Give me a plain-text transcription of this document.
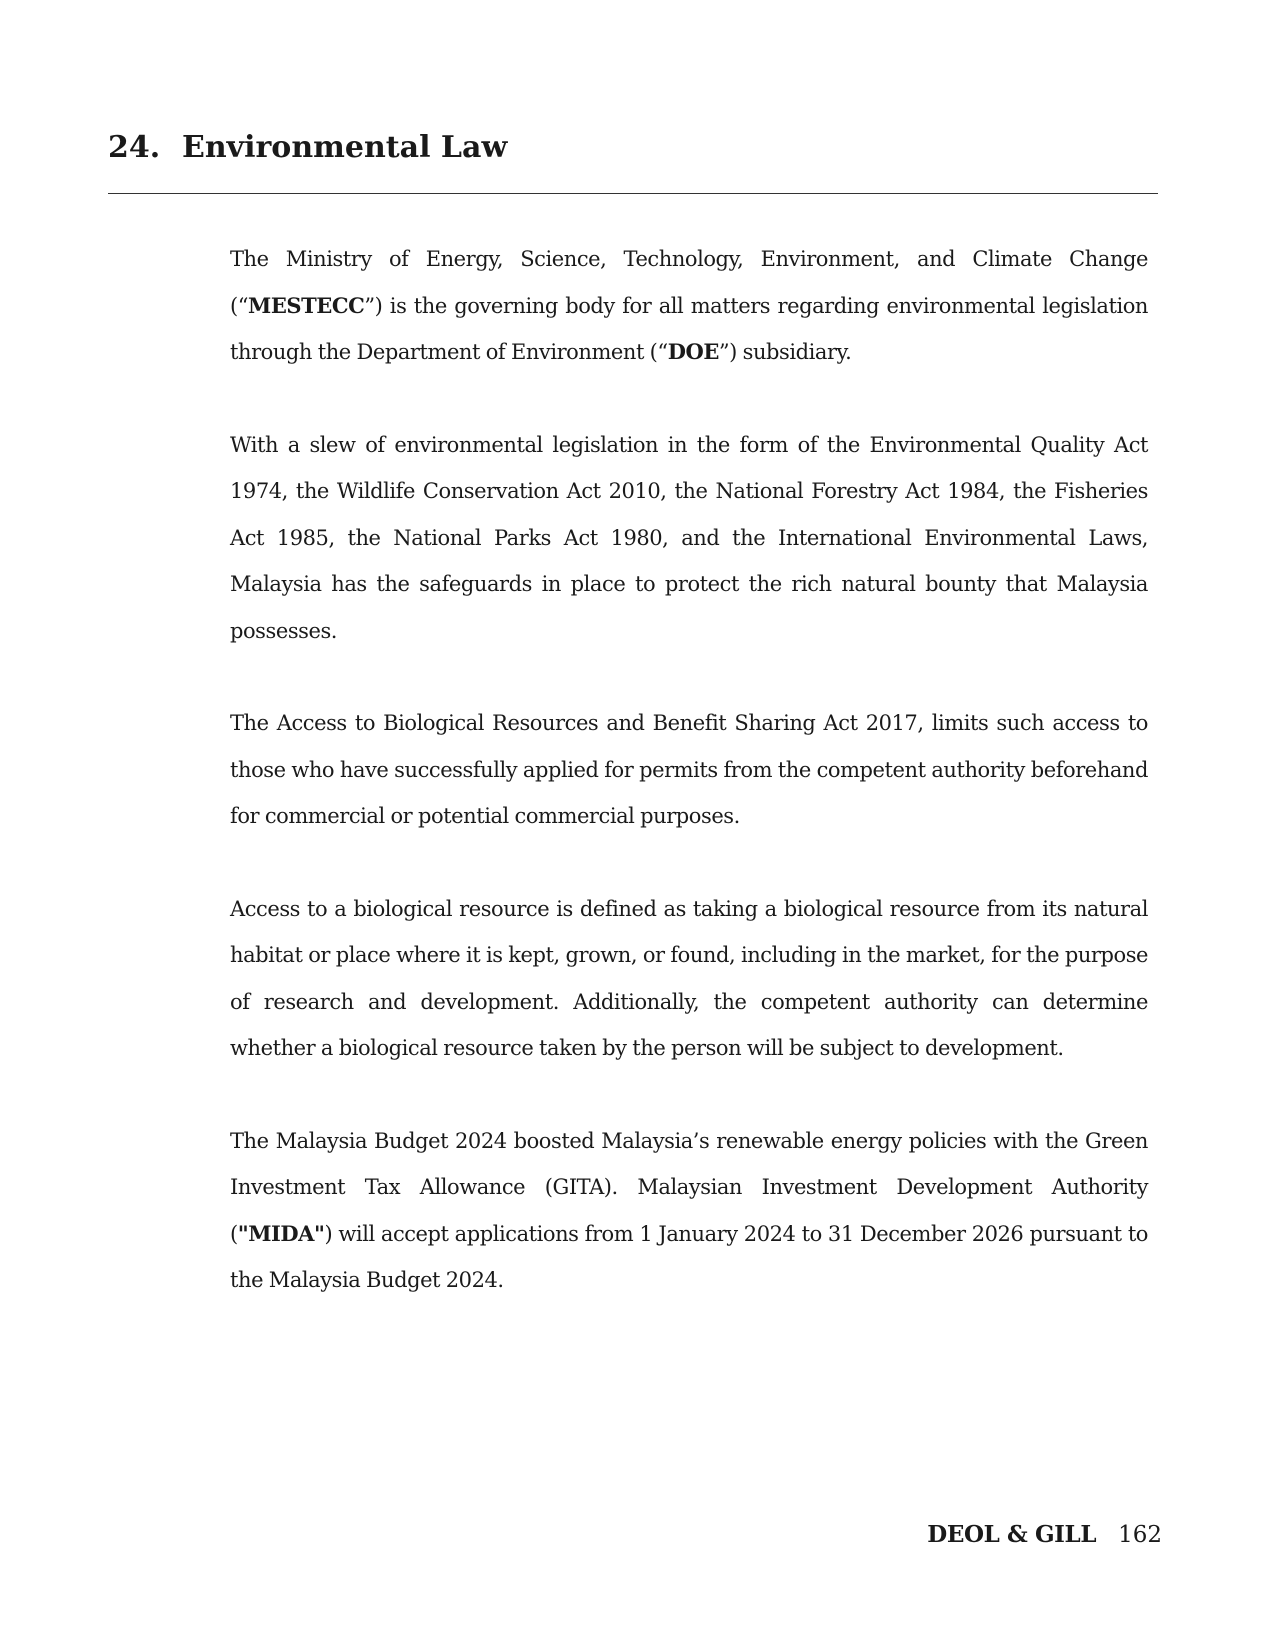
24. Environmental Law

The Ministry of Energy, Science, Technology, Environment, and Climate Change (“MESTECC”) is the governing body for all matters regarding environmental legislation through the Department of Environment (“DOE”) subsidiary.

With a slew of environmental legislation in the form of the Environmental Quality Act 1974, the Wildlife Conservation Act 2010, the National Forestry Act 1984, the Fisheries Act 1985, the National Parks Act 1980, and the International Environmental Laws, Malaysia has the safeguards in place to protect the rich natural bounty that Malaysia possesses.

The Access to Biological Resources and Benefit Sharing Act 2017, limits such access to those who have successfully applied for permits from the competent authority beforehand for commercial or potential commercial purposes.

Access to a biological resource is defined as taking a biological resource from its natural habitat or place where it is kept, grown, or found, including in the market, for the purpose of research and development. Additionally, the competent authority can determine whether a biological resource taken by the person will be subject to development.

The Malaysia Budget 2024 boosted Malaysia’s renewable energy policies with the Green Investment Tax Allowance (GITA). Malaysian Investment Development Authority ("MIDA") will accept applications from 1 January 2024 to 31 December 2026 pursuant to the Malaysia Budget 2024.

DEOL & GILL 162
